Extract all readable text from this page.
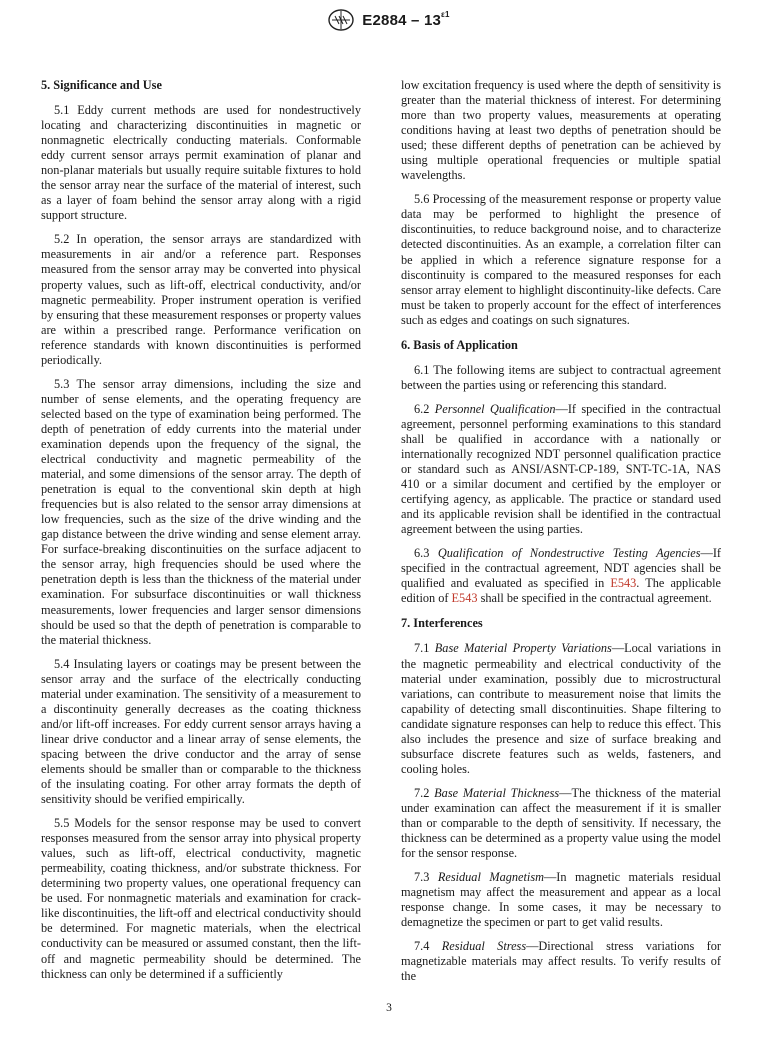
$E2884 - 13^{\varepsilon 1}$
5. Significance and Use

5.1 Eddy current methods are used for nondestructively locating and characterizing discontinuities in magnetic or nonmagnetic electrically conducting materials. Conformable eddy current sensor arrays permit examination of planar and non-planar materials but usually require suitable fixtures to hold the sensor array near the surface of the material of interest, such as a layer of foam behind the sensor array along with a rigid support structure.

5.2 In operation, the sensor arrays are standardized with measurements in air and/or a reference part. Responses measured from the sensor array may be converted into physical property values, such as lift-off, electrical conductivity, and/or magnetic permeability. Proper instrument operation is verified by ensuring that these measurement responses or property values are within a prescribed range. Performance verification on reference standards with known discontinuities is performed periodically.

5.3 The sensor array dimensions, including the size and number of sense elements, and the operating frequency are selected based on the type of examination being performed. The depth of penetration of eddy currents into the material under examination depends upon the frequency of the signal, the electrical conductivity and magnetic permeability of the material, and some dimensions of the sensor array. The depth of penetration is equal to the conventional skin depth at high frequencies but is also related to the sensor array dimensions at low frequencies, such as the size of the drive winding and the gap distance between the drive winding and sense element array. For surface-breaking discontinuities on the surface adjacent to the sensor array, high frequencies should be used where the penetration depth is less than the thickness of the material under examination. For subsurface discontinuities or wall thickness measurements, lower frequencies and larger sensor dimensions should be used so that the depth of penetration is comparable to the material thickness.

5.4 Insulating layers or coatings may be present between the sensor array and the surface of the electrically conducting material under examination. The sensitivity of a measurement to a discontinuity generally decreases as the coating thickness and/or lift-off increases. For eddy current sensor arrays having a linear drive conductor and a linear array of sense elements, the spacing between the drive conductor and the array of sense elements should be smaller than or comparable to the thickness of the insulating coating. For other array formats the depth of sensitivity should be verified empirically.

5.5 Models for the sensor response may be used to convert responses measured from the sensor array into physical property values, such as lift-off, electrical conductivity, magnetic permeability, coating thickness, and/or substrate thickness. For determining two property values, one operational frequency can be used. For nonmagnetic materials and examination for crack-like discontinuities, the lift-off and electrical conductivity should be determined. For magnetic materials, when the electrical conductivity can be measured or assumed constant, then the lift-off and magnetic permeability should be determined. The thickness can only be determined if a sufficiently

low excitation frequency is used where the depth of sensitivity is greater than the material thickness of interest. For determining more than two property values, measurements at operating conditions having at least two depths of penetration should be used; these different depths of penetration can be achieved by using multiple operational frequencies or multiple spatial wavelengths.

5.6 Processing of the measurement response or property value data may be performed to highlight the presence of discontinuities, to reduce background noise, and to characterize detected discontinuities. As an example, a correlation filter can be applied in which a reference signature response for a discontinuity is compared to the measured responses for each sensor array element to highlight discontinuity-like defects. Care must be taken to properly account for the effect of interferences such as edges and coatings on such signatures.

6. Basis of Application

6.1 The following items are subject to contractual agreement between the parties using or referencing this standard.

6.2 Personnel Qualification—If specified in the contractual agreement, personnel performing examinations to this standard shall be qualified in accordance with a nationally or internationally recognized NDT personnel qualification practice or standard such as ANSI/ASNT-CP-189, SNT-TC-1A, NAS 410 or a similar document and certified by the employer or certifying agency, as applicable. The practice or standard used and its applicable revision shall be identified in the contractual agreement between the using parties.

6.3 Qualification of Nondestructive Testing Agencies—If specified in the contractual agreement, NDT agencies shall be qualified and evaluated as specified in E543. The applicable edition of E543 shall be specified in the contractual agreement.

7. Interferences

7.1 Base Material Property Variations—Local variations in the magnetic permeability and electrical conductivity of the material under examination, possibly due to microstructural variations, can contribute to measurement noise that limits the capability of detecting small discontinuities. Shape filtering to candidate signature responses can help to reduce this effect. This also includes the presence and size of surface breaking and subsurface discrete features such as welds, fasteners, and cooling holes.

7.2 Base Material Thickness—The thickness of the material under examination can affect the measurement if it is smaller than or comparable to the depth of sensitivity. If necessary, the thickness can be determined as a property value using the model for the sensor response.

7.3 Residual Magnetism—In magnetic materials residual magnetism may affect the measurement and appear as a local response change. In some cases, it may be necessary to demagnetize the specimen or part to get valid results.

7.4 Residual Stress—Directional stress variations for magnetizable materials may affect results. To verify results of the

3
